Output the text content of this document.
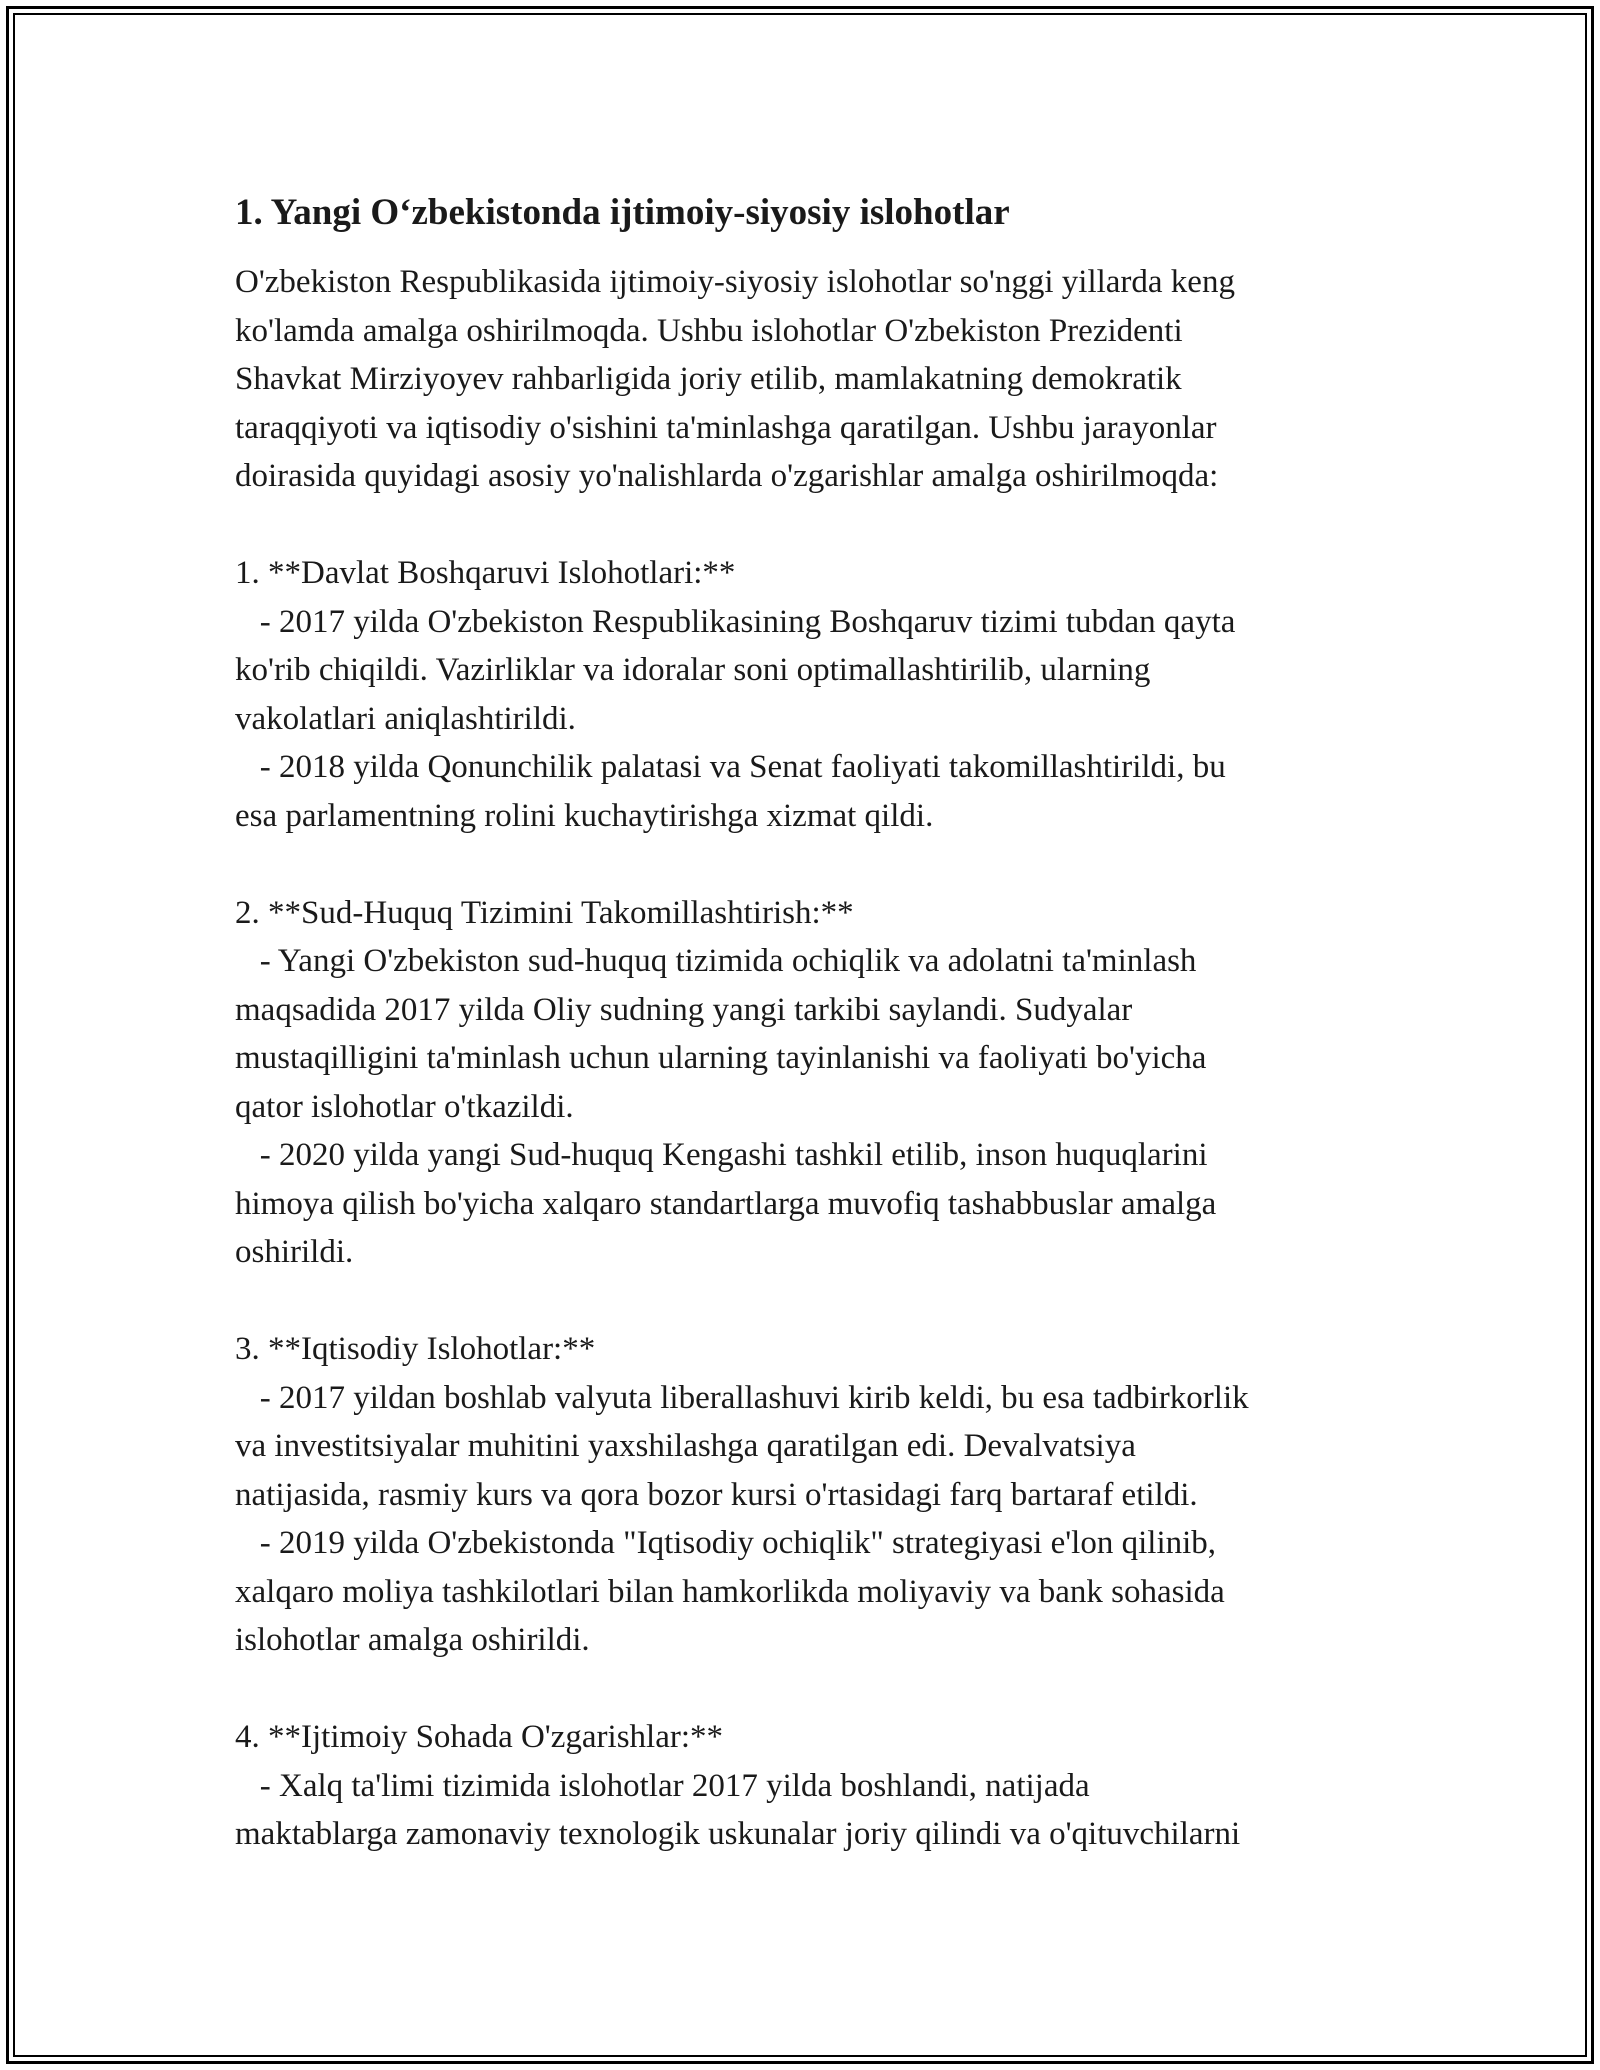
1. Yangi O‘zbekistonda ijtimoiy-siyosiy islohotlar
O'zbekiston Respublikasida ijtimoiy-siyosiy islohotlar so'nggi yillarda keng
ko'lamda amalga oshirilmoqda. Ushbu islohotlar O'zbekiston Prezidenti
Shavkat Mirziyoyev rahbarligida joriy etilib, mamlakatning demokratik
taraqqiyoti va iqtisodiy o'sishini ta'minlashga qaratilgan. Ushbu jarayonlar
doirasida quyidagi asosiy yo'nalishlarda o'zgarishlar amalga oshirilmoqda:
1. **Davlat Boshqaruvi Islohotlari:**
- 2017 yilda O'zbekiston Respublikasining Boshqaruv tizimi tubdan qayta
ko'rib chiqildi. Vazirliklar va idoralar soni optimallashtirilib, ularning
vakolatlari aniqlashtirildi.
- 2018 yilda Qonunchilik palatasi va Senat faoliyati takomillashtirildi, bu
esa parlamentning rolini kuchaytirishga xizmat qildi.
2. **Sud-Huquq Tizimini Takomillashtirish:**
- Yangi O'zbekiston sud-huquq tizimida ochiqlik va adolatni ta'minlash
maqsadida 2017 yilda Oliy sudning yangi tarkibi saylandi. Sudyalar
mustaqilligini ta'minlash uchun ularning tayinlanishi va faoliyati bo'yicha
qator islohotlar o'tkazildi.
- 2020 yilda yangi Sud-huquq Kengashi tashkil etilib, inson huquqlarini
himoya qilish bo'yicha xalqaro standartlarga muvofiq tashabbuslar amalga
oshirildi.
3. **Iqtisodiy Islohotlar:**
- 2017 yildan boshlab valyuta liberallashuvi kirib keldi, bu esa tadbirkorlik
va investitsiyalar muhitini yaxshilashga qaratilgan edi. Devalvatsiya
natijasida, rasmiy kurs va qora bozor kursi o'rtasidagi farq bartaraf etildi.
- 2019 yilda O'zbekistonda "Iqtisodiy ochiqlik" strategiyasi e'lon qilinib,
xalqaro moliya tashkilotlari bilan hamkorlikda moliyaviy va bank sohasida
islohotlar amalga oshirildi.
4. **Ijtimoiy Sohada O'zgarishlar:**
- Xalq ta'limi tizimida islohotlar 2017 yilda boshlandi, natijada
maktablarga zamonaviy texnologik uskunalar joriy qilindi va o'qituvchilarni
